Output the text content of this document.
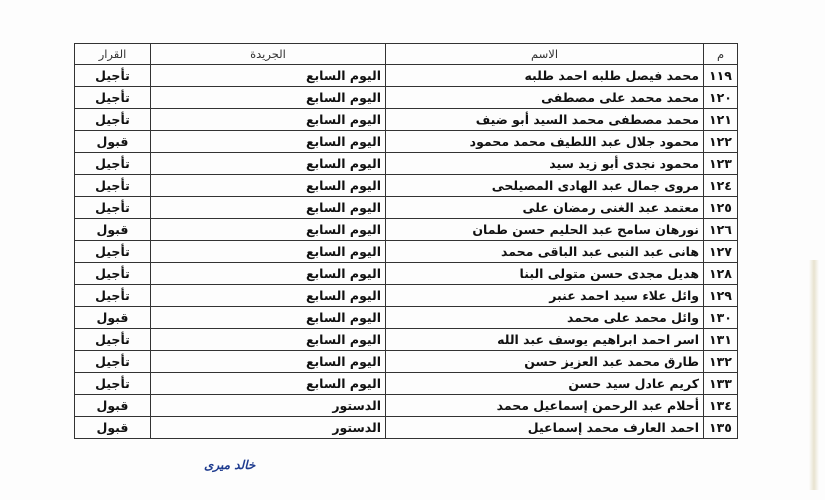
م	الاسم	الجريدة	القرار
١١٩	محمد فيصل طلبه احمد طلبه	اليوم السابع	تأجيل
١٢٠	محمد محمد على مصطفى	اليوم السابع	تأجيل
١٢١	محمد مصطفى محمد السيد أبو ضيف	اليوم السابع	تأجيل
١٢٢	محمود جلال عبد اللطيف محمد محمود	اليوم السابع	قبول
١٢٣	محمود نجدى أبو زيد سيد	اليوم السابع	تأجيل
١٢٤	مروى جمال عبد الهادى المصيلحى	اليوم السابع	تأجيل
١٢٥	معتمد عبد الغنى رمضان على	اليوم السابع	تأجيل
١٢٦	نورهان سامح عبد الحليم حسن طمان	اليوم السابع	قبول
١٢٧	هانى عبد النبى عبد الباقى محمد	اليوم السابع	تأجيل
١٢٨	هديل مجدى حسن متولى البنا	اليوم السابع	تأجيل
١٢٩	وائل علاء سيد احمد عنبر	اليوم السابع	تأجيل
١٣٠	وائل محمد على محمد	اليوم السابع	قبول
١٣١	اسر احمد ابراهيم يوسف عبد الله	اليوم السابع	تأجيل
١٣٢	طارق محمد عبد العزيز حسن	اليوم السابع	تأجيل
١٣٣	كريم عادل سيد حسن	اليوم السابع	تأجيل
١٣٤	أحلام عبد الرحمن إسماعيل محمد	الدستور	قبول
١٣٥	احمد العارف محمد إسماعيل	الدستور	قبول
خالد ميرى
